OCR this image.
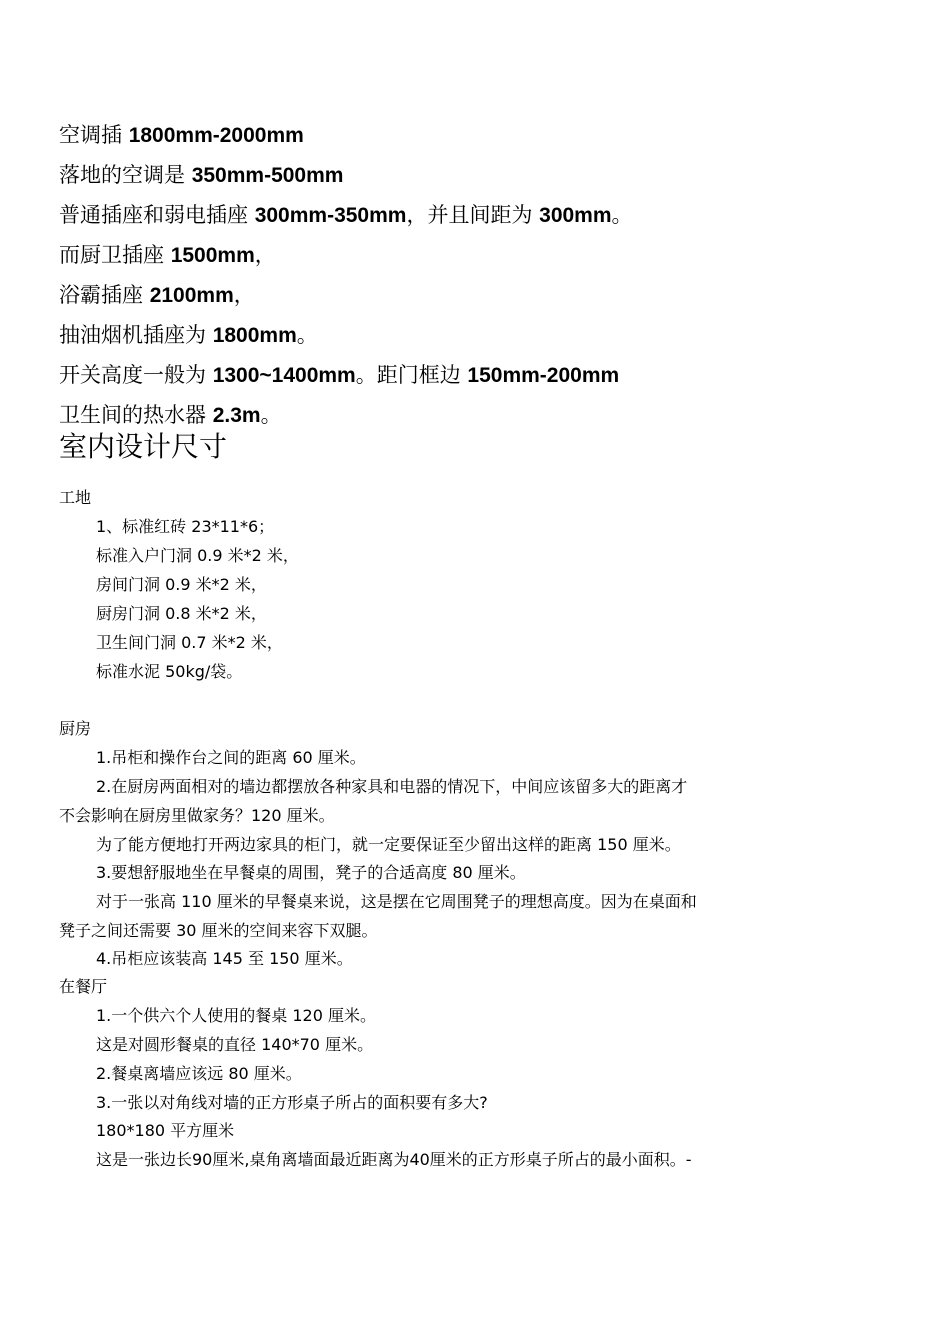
空调插 1800mm-2000mm
落地的空调是 350mm-500mm
普通插座和弱电插座 300mm-350mm，并且间距为 300mm。
而厨卫插座 1500mm，
浴霸插座 2100mm，
抽油烟机插座为 1800mm。
开关高度一般为 1300~1400mm。距门框边 150mm-200mm
卫生间的热水器 2.3m。
室内设计尺寸
工地
1、标准红砖 23*11*6；
标准入户门洞 0.9 米*2 米，
房间门洞 0.9 米*2 米，
厨房门洞 0.8 米*2 米，
卫生间门洞 0.7 米*2 米，
标准水泥 50kg/袋。
厨房
1.吊柜和操作台之间的距离 60 厘米。
2.在厨房两面相对的墙边都摆放各种家具和电器的情况下，中间应该留多大的距离才
不会影响在厨房里做家务？120 厘米。
为了能方便地打开两边家具的柜门，就一定要保证至少留出这样的距离 150 厘米。
3.要想舒服地坐在早餐桌的周围，凳子的合适高度 80 厘米。
对于一张高 110 厘米的早餐桌来说，这是摆在它周围凳子的理想高度。因为在桌面和
凳子之间还需要 30 厘米的空间来容下双腿。
4.吊柜应该装高 145 至 150 厘米。
在餐厅
1.一个供六个人使用的餐桌 120 厘米。
这是对圆形餐桌的直径 140*70 厘米。
2.餐桌离墙应该远 80 厘米。
3.一张以对角线对墙的正方形桌子所占的面积要有多大?
180*180 平方厘米
这是一张边长90厘米,桌角离墙面最近距离为40厘米的正方形桌子所占的最小面积。-
